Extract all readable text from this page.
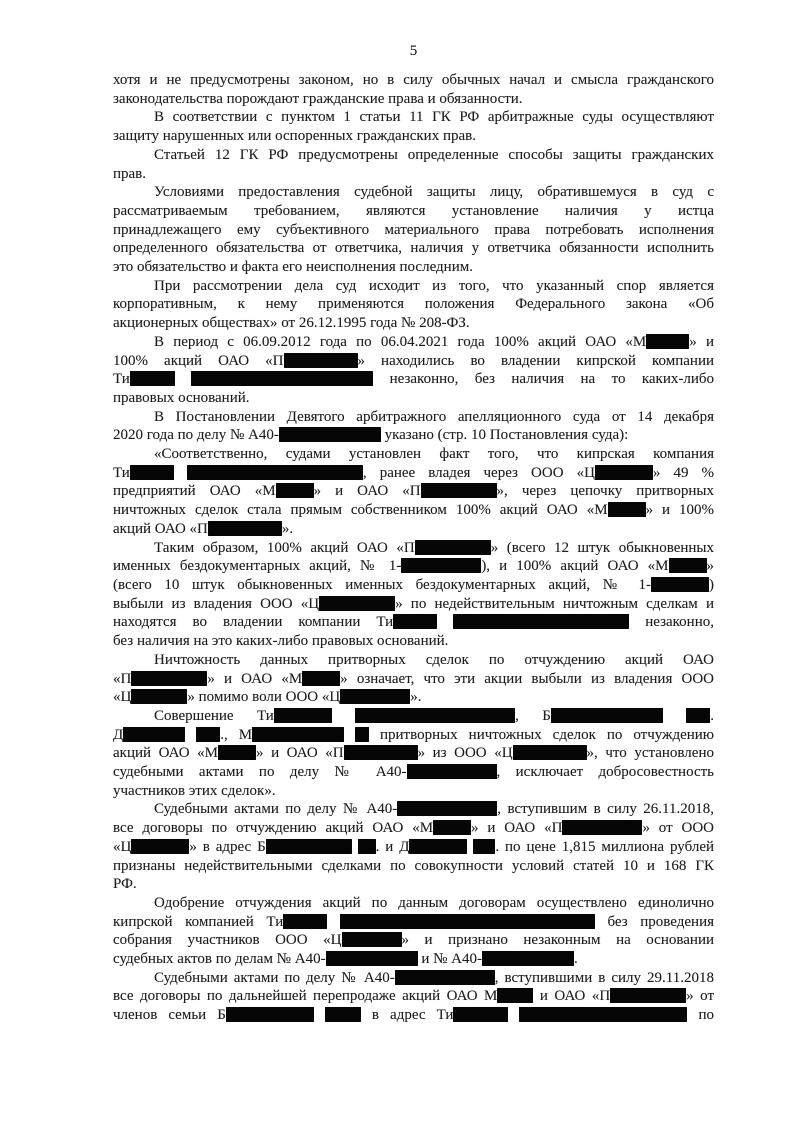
5
хотя и не предусмотрены законом, но в силу обычных начал и смысла гражданского
законодательства порождают гражданские права и обязанности.
В соответствии с пунктом 1 статьи 11 ГК РФ арбитражные суды осуществляют
защиту нарушенных или оспоренных гражданских прав.
Статьей 12 ГК РФ предусмотрены определенные способы защиты гражданских
прав.
Условиями предоставления судебной защиты лицу, обратившемуся в суд с
рассматриваемым требованием, являются установление наличия у истца
принадлежащего ему субъективного материального права потребовать исполнения
определенного обязательства от ответчика, наличия у ответчика обязанности исполнить
это обязательство и факта его неисполнения последним.
При рассмотрении дела суд исходит из того, что указанный спор является
корпоративным, к нему применяются положения Федерального закона «Об
акционерных обществах» от 26.12.1995 года № 208-ФЗ.
В период с 06.09.2012 года по 06.04.2021 года 100% акций ОАО «М	» и
100% акций ОАО «П	» находились во владении кипрской компании
Ти	незаконно, без наличия на то каких-либо
правовых оснований.
В Постановлении Девятого арбитражного апелляционного суда от 14 декабря
2020 года по делу № А40-	указано (стр. 10 Постановления суда):
«Соответственно, судами установлен факт того, что кипрская компания
Ти	, ранее владея через ООО «Ц	» 49 %
предприятий ОАО «М	» и ОАО «П	», через цепочку притворных
ничтожных сделок стала прямым собственником 100% акций ОАО «М	» и 100%
акций ОАО «П	».
Таким образом, 100% акций ОАО «П	» (всего 12 штук обыкновенных
именных бездокументарных акций, № 1-	), и 100% акций ОАО «М	»
(всего 10 штук обыкновенных именных бездокументарных акций, № 1-	)
выбыли из владения ООО «Ц	» по недействительным ничтожным сделкам и
находятся во владении компании Ти	незаконно,
без наличия на это каких-либо правовых оснований.
Ничтожность данных притворных сделок по отчуждению акций ОАО
«П	» и ОАО «М	» означает, что эти акции выбыли из владения ООО
«Ц	» помимо воли ООО «Ц	».
Совершение Ти	, Б	.
Д	., М	притворных ничтожных сделок по отчуждению
акций ОАО «М	» и ОАО «П	» из ООО «Ц	», что установлено
судебными актами по делу № А40-	, исключает добросовестность
участников этих сделок».
Судебными актами по делу № А40-	, вступившим в силу 26.11.2018,
все договоры по отчуждению акций ОАО «М	» и ОАО «П	» от ООО
«Ц	» в адрес Б	. и Д	. по цене 1,815 миллиона рублей
признаны недействительными сделками по совокупности условий статей 10 и 168 ГК
РФ.
Одобрение отчуждения акций по данным договорам осуществлено единолично
кипрской компанией Ти	без проведения
собрания участников ООО «Ц	» и признано незаконным на основании
судебных актов по делам № А40-	и № А40-	.
Судебными актами по делу № А40-	, вступившими в силу 29.11.2018
все договоры по дальнейшей перепродаже акций ОАО М и ОАО «П	» от
членов семьи Б	в адрес Ти	по
